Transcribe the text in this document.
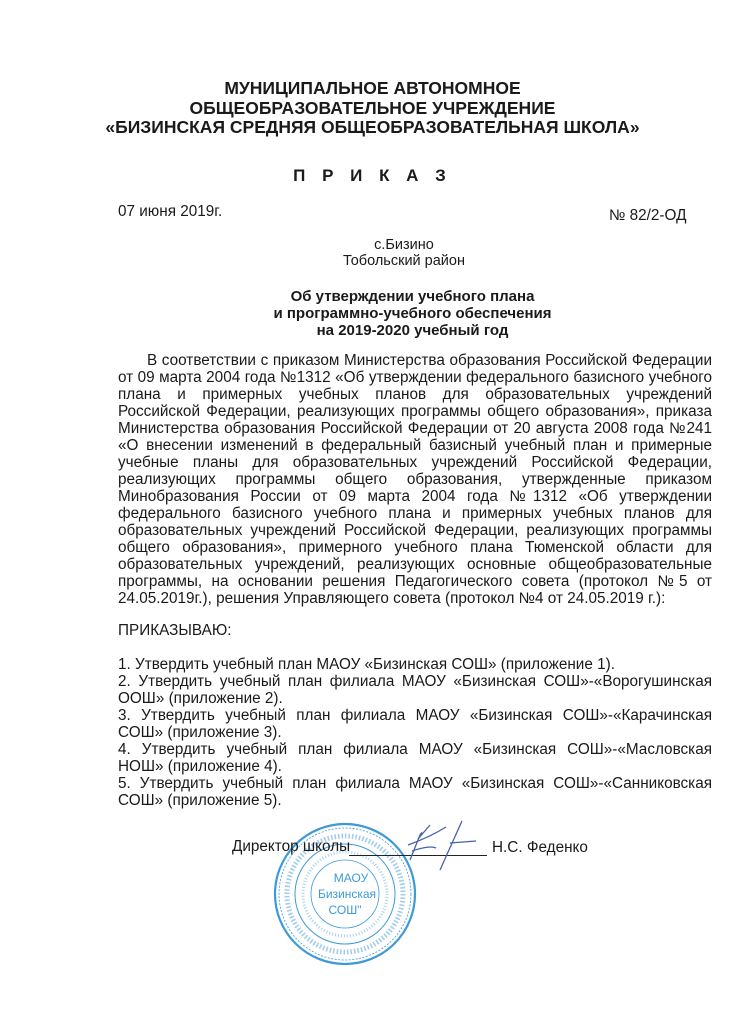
МУНИЦИПАЛЬНОЕ АВТОНОМНОЕ
ОБЩЕОБРАЗОВАТЕЛЬНОЕ УЧРЕЖДЕНИЕ
«БИЗИНСКАЯ СРЕДНЯЯ ОБЩЕОБРАЗОВАТЕЛЬНАЯ ШКОЛА»
П Р И К А З
07 июня 2019г.	№ 82/2-ОД
с.Бизино
Тобольский район
Об утверждении учебного плана
и программно-учебного обеспечения
на 2019-2020 учебный год
В соответствии с приказом Министерства образования Российской Федерации
от 09 марта 2004 года №1312 «Об утверждении федерального базисного учебного
плана и примерных учебных планов для образовательных учреждений
Российской Федерации, реализующих программы общего образования», приказа
Министерства образования Российской Федерации от 20 августа 2008 года №241
«О внесении изменений в федеральный базисный учебный план и примерные
учебные планы для образовательных учреждений Российской Федерации,
реализующих программы общего образования, утвержденные приказом
Минобразования России от 09 марта 2004 года №1312 «Об утверждении
федерального базисного учебного плана и примерных учебных планов для
образовательных учреждений Российской Федерации, реализующих программы
общего образования», примерного учебного плана Тюменской области для
образовательных учреждений, реализующих основные общеобразовательные
программы, на основании решения Педагогического совета (протокол №5 от
24.05.2019г.), решения Управляющего совета (протокол №4 от 24.05.2019 г.):
ПРИКАЗЫВАЮ:
1. Утвердить учебный план МАОУ «Бизинская СОШ» (приложение 1).
2. Утвердить учебный план филиала МАОУ «Бизинская СОШ»-«Ворогушинская
ООШ» (приложение 2).
3. Утвердить учебный план филиала МАОУ «Бизинская СОШ»-«Карачинская
СОШ» (приложение 3).
4. Утвердить учебный план филиала МАОУ «Бизинская СОШ»-«Масловская
НОШ» (приложение 4).
5. Утвердить учебный план филиала МАОУ «Бизинская СОШ»-«Санниковская
СОШ» (приложение 5).
МАОУ
Бизинская
СОШ"
Директор школы	Н.С. Феденко
